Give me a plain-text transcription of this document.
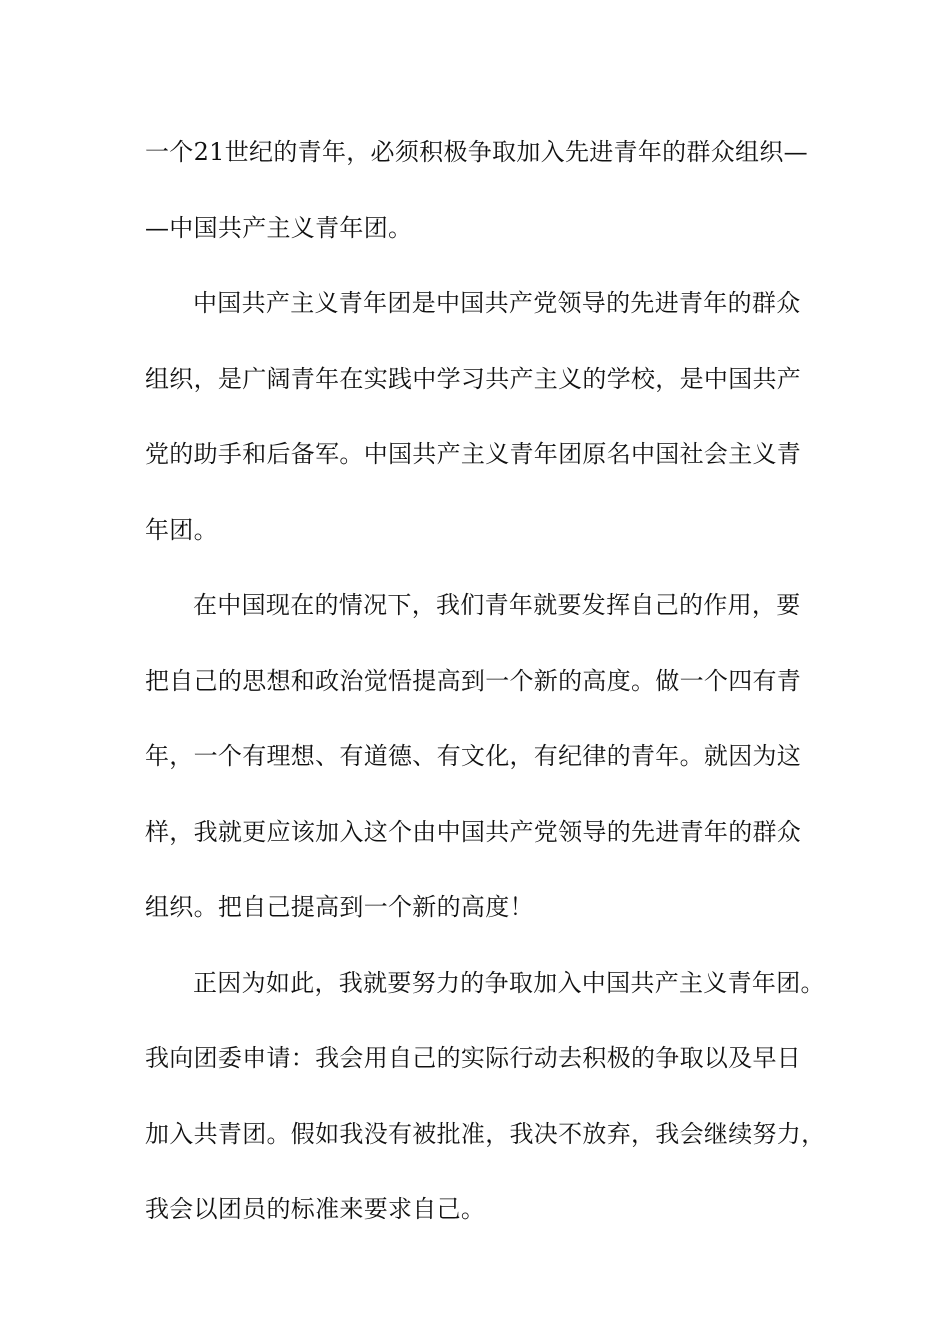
一个21世纪的青年，必须积极争取加入先进青年的群众组织—
—中国共产主义青年团。
中国共产主义青年团是中国共产党领导的先进青年的群众
组织，是广阔青年在实践中学习共产主义的学校，是中国共产
党的助手和后备军。中国共产主义青年团原名中国社会主义青
年团。
在中国现在的情况下，我们青年就要发挥自己的作用，要
把自己的思想和政治觉悟提高到一个新的高度。做一个四有青
年，一个有理想、有道德、有文化，有纪律的青年。就因为这
样，我就更应该加入这个由中国共产党领导的先进青年的群众
组织。把自己提高到一个新的高度！
正因为如此，我就要努力的争取加入中国共产主义青年团。
我向团委申请：我会用自己的实际行动去积极的争取以及早日
加入共青团。假如我没有被批准，我决不放弃，我会继续努力，
我会以团员的标准来要求自己。
